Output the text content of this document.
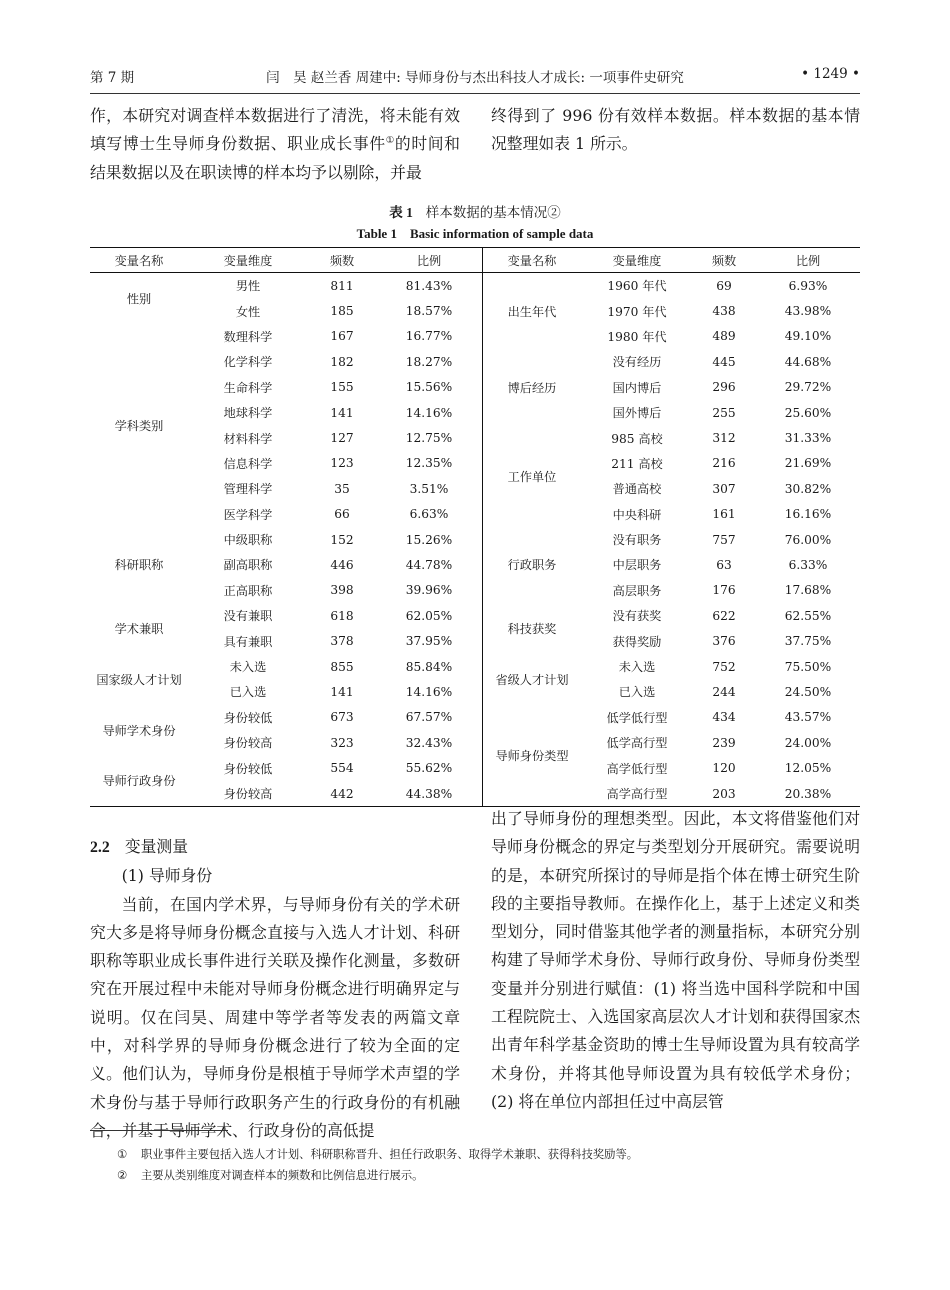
第 7 期	闫　昊 赵兰香 周建中: 导师身份与杰出科技人才成长: 一项事件史研究	• 1249 •

作，本研究对调查样本数据进行了清洗，将未能有效填写博士生导师身份数据、职业成长事件①的时间和结果数据以及在职读博的样本均予以剔除，并最

终得到了 996 份有效样本数据。样本数据的基本情况整理如表 1 所示。

表 1 样本数据的基本情况②
Table 1　Basic information of sample data
变量名称	变量维度	频数	比例
性别	男性	811	81.43%
	女性	185	18.57%
学科类别	数理科学	167	16.77%
	化学科学	182	18.27%
	生命科学	155	15.56%
	地球科学	141	14.16%
	材料科学	127	12.75%
	信息科学	123	12.35%
	管理科学	35	3.51%
	医学科学	66	6.63%
科研职称	中级职称	152	15.26%
	副高职称	446	44.78%
	正高职称	398	39.96%
学术兼职	没有兼职	618	62.05%
	具有兼职	378	37.95%
国家级人才计划	未入选	855	85.84%
	已入选	141	14.16%
导师学术身份	身份较低	673	67.57%
	身份较高	323	32.43%
导师行政身份	身份较低	554	55.62%
	身份较高	442	44.38%
变量名称	变量维度	频数	比例
出生年代	1960 年代	69	6.93%
	1970 年代	438	43.98%
	1980 年代	489	49.10%
博后经历	没有经历	445	44.68%
	国内博后	296	29.72%
	国外博后	255	25.60%
工作单位	985 高校	312	31.33%
	211 高校	216	21.69%
	普通高校	307	30.82%
	中央科研	161	16.16%
行政职务	没有职务	757	76.00%
	中层职务	63	6.33%
	高层职务	176	17.68%
科技获奖	没有获奖	622	62.55%
	获得奖励	376	37.75%
省级人才计划	未入选	752	75.50%
	已入选	244	24.50%
导师身份类型	低学低行型	434	43.57%
	低学高行型	239	24.00%
	高学低行型	120	12.05%
	高学高行型	203	20.38%

2.2 变量测量

(1) 导师身份

当前，在国内学术界，与导师身份有关的学术研究大多是将导师身份概念直接与入选人才计划、科研职称等职业成长事件进行关联及操作化测量，多数研究在开展过程中未能对导师身份概念进行明确界定与说明。仅在闫昊、周建中等学者等发表的两篇文章中，对科学界的导师身份概念进行了较为全面的定义。他们认为，导师身份是根植于导师学术声望的学术身份与基于导师行政职务产生的行政身份的有机融合，并基于导师学术、行政身份的高低提

出了导师身份的理想类型。因此，本文将借鉴他们对导师身份概念的界定与类型划分开展研究。需要说明的是，本研究所探讨的导师是指个体在博士研究生阶段的主要指导教师。在操作化上，基于上述定义和类型划分，同时借鉴其他学者的测量指标，本研究分别构建了导师学术身份、导师行政身份、导师身份类型变量并分别进行赋值：(1) 将当选中国科学院和中国工程院院士、入选国家高层次人才计划和获得国家杰出青年科学基金资助的博士生导师设置为具有较高学术身份，并将其他导师设置为具有较低学术身份；(2) 将在单位内部担任过中高层管

① 职业事件主要包括入选人才计划、科研职称晋升、担任行政职务、取得学术兼职、获得科技奖励等。
② 主要从类别维度对调查样本的频数和比例信息进行展示。
